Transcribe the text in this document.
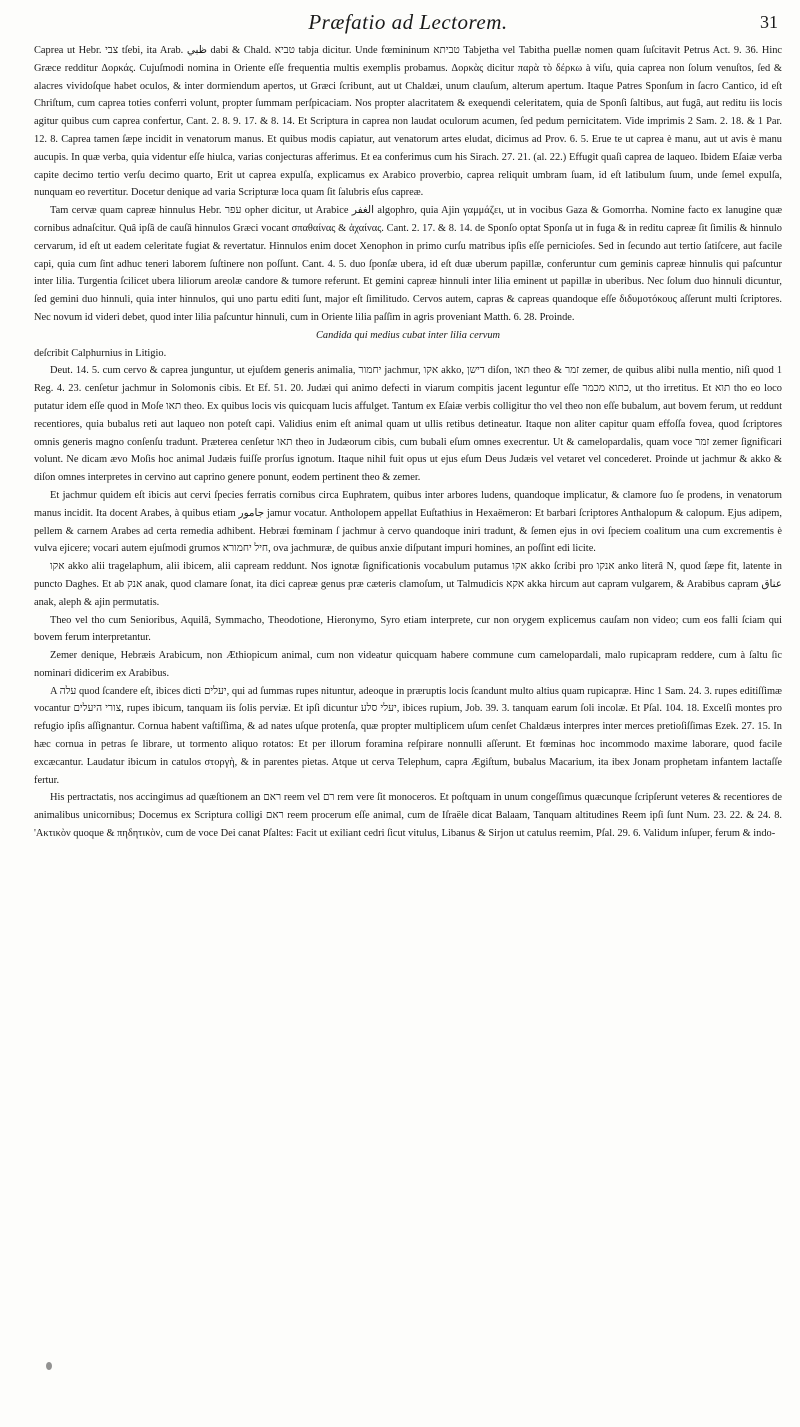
Præfatio ad Lectorem.	31

Caprea ut Hebr. צבי tſebi, ita Arab. ظبي dabi & Chald. טביא tabja dicitur. Unde fœmininum טביתא Tabjetha vel Tabitha puellæ nomen quam ſuſcitavit Petrus Act. 9. 36. Hinc Græce redditur Δορκάς. Cujuſmodi nomina in Oriente eſſe frequentia multis exemplis probamus. Δορκὰς dicitur παρὰ τὸ δέρκω à viſu, quia caprea non ſolum venuſtos, ſed & alacres vividoſque habet oculos, & inter dormiendum apertos, ut Græci ſcribunt, aut ut Chaldæi, unum clauſum, alterum apertum. Itaque Patres Sponſum in ſacro Cantico, id eſt Chriſtum, cum caprea toties conferri volunt, propter ſummam perſpicaciam. Nos propter alacritatem & exequendi celeritatem, quia de Sponſi ſaltibus, aut fugâ, aut reditu iis locis agitur quibus cum caprea confertur, Cant. 2. 8. 9. 17. & 8. 14. Et Scriptura in caprea non laudat oculorum acumen, ſed pedum pernicitatem. Vide imprimis 2 Sam. 2. 18. & 1 Par. 12. 8. Caprea tamen ſæpe incidit in venatorum manus. Et quibus modis capiatur, aut venatorum artes eludat, dicimus ad Prov. 6. 5. Erue te ut caprea è manu, aut ut avis è manu aucupis. In quæ verba, quia videntur eſſe hiulca, varias conjecturas afferimus. Et ea conferimus cum his Sirach. 27. 21. (al. 22.) Effugit quaſi caprea de laqueo. Ibidem Eſaiæ verba capite decimo tertio verſu decimo quarto, Erit ut caprea expulſa, explicamus ex Arabico proverbio, caprea reliquit umbram ſuam, id eſt latibulum ſuum, unde ſemel expulſa, nunquam eo revertitur. Docetur denique ad varia Scripturæ loca quam ſit ſalubris eſus capreæ.

Tam cervæ quam capreæ hinnulus Hebr. עפר opher dicitur, ut Arabice الغفر algophro, quia Ajin γαμμάζει, ut in vocibus Gaza & Gomorrha. Nomine facto ex lanugine quæ cornibus adnaſcitur. Quâ ipſâ de cauſâ hinnulos Græci vocant σπαθαίνας & ἀχαίνας. Cant. 2. 17. & 8. 14. de Sponſo optat Sponſa ut in fuga & in reditu capreæ ſit ſimilis & hinnulo cervarum, id eſt ut eadem celeritate fugiat & revertatur. Hinnulos enim docet Xenophon in primo curſu matribus ipſis eſſe pernicioſes. Sed in ſecundo aut tertio ſatiſcere, aut facile capi, quia cum ſint adhuc teneri laborem ſuſtinere non poſſunt. Cant. 4. 5. duo ſponſæ ubera, id eſt duæ uberum papillæ, conferuntur cum geminis capreæ hinnulis qui paſcuntur inter lilia. Turgentia ſcilicet ubera liliorum areolæ candore & tumore referunt. Et gemini capreæ hinnuli inter lilia eminent ut papillæ in uberibus. Nec ſolum duo hinnuli dicuntur, ſed gemini duo hinnuli, quia inter hinnulos, qui uno partu editi ſunt, major eſt ſimilitudo. Cervos autem, capras & capreas quandoque eſſe διδυμοτόκους aſſerunt multi ſcriptores. Nec novum id videri debet, quod inter lilia paſcuntur hinnuli, cum in Oriente lilia paſſim in agris proveniant Matth. 6. 28. Proinde.

Candida qui medius cubat inter lilia cervum

deſcribit Calphurnius in Litigio.

Deut. 14. 5. cum cervo & caprea junguntur, ut ejuſdem generis animalia, יחמור jachmur, אקו akko, דישן diſon, תאו theo & זמר zemer, de quibus alibi nulla mentio, niſi quod 1 Reg. 4. 23. cenſetur jachmur in Solomonis cibis. Et Ef. 51. 20. Judæi qui animo defecti in viarum compitis jacent leguntur eſſe כתוא מכמר, ut tho irretitus. Et תוא tho eo loco putatur idem eſſe quod in Moſe תאו theo. Ex quibus locis vis quicquam lucis affulget. Tantum ex Eſaiæ verbis colligitur tho vel theo non eſſe bubalum, aut bovem ferum, ut reddunt recentiores, quia bubalus reti aut laqueo non poteſt capi. Validius enim eſt animal quam ut ullis retibus detineatur. Itaque non aliter capitur quam effoſſa fovea, quod ſcriptores omnis generis magno conſenſu tradunt. Præterea cenſetur תאו theo in Judæorum cibis, cum bubali eſum omnes execrentur. Ut & camelopardalis, quam voce זמר zemer ſignificari volunt. Ne dicam ævo Moſis hoc animal Judæis fuiſſe prorſus ignotum. Itaque nihil fuit opus ut ejus eſum Deus Judæis vel vetaret vel concederet. Proinde ut jachmur & akko & diſon omnes interpretes in cervino aut caprino genere ponunt, eodem pertinent theo & zemer.

Et jachmur quidem eſt ibicis aut cervi ſpecies ferratis cornibus circa Euphratem, quibus inter arbores ludens, quandoque implicatur, & clamore ſuo ſe prodens, in venatorum manus incidit. Ita docent Arabes, à quibus etiam جامور jamur vocatur. Antholopem appellat Euſtathius in Hexaëmeron: Et barbari ſcriptores Anthalopum & calopum. Ejus adipem, pellem & carnem Arabes ad certa remedia adhibent. Hebræi fœminam ſ jachmur à cervo quandoque iniri tradunt, & ſemen ejus in ovi ſpeciem coalitum una cum excrementis è vulva ejicere; vocari autem ejuſmodi grumos חיל יחמורא, ova jachmuræ, de quibus anxie diſputant impuri homines, an poſſint edi licite.

אקו akko alii tragelaphum, alii ibicem, alii capream reddunt. Nos ignotæ ſignificationis vocabulum putamus אקו akko ſcribi pro אנקו anko literâ N, quod ſæpe fit, latente in puncto Daghes. Et ab אנק anak, quod clamare ſonat, ita dici capreæ genus præ cæteris clamoſum, ut Talmudicis אקא akka hircum aut capram vulgarem, & Arabibus capram عناق anak, aleph & ajin permutatis.

Theo vel tho cum Senioribus, Aquilâ, Symmacho, Theodotione, Hieronymo, Syro etiam interprete, cur non orygem explicemus cauſam non video; cum eos falli ſciam qui bovem ferum interpretantur.

Zemer denique, Hebræis Arabicum, non Æthiopicum animal, cum non videatur quicquam habere commune cum camelopardali, malo rupicapram reddere, cum à ſaltu ſic nominari didicerim ex Arabibus.

A עלה quod ſcandere eſt, ibices dicti יעלים, qui ad ſummas rupes nituntur, adeoque in præruptis locis ſcandunt multo altius quam rupicapræ. Hinc 1 Sam. 24. 3. rupes editiſſimæ vocantur צורי היעלים, rupes ibicum, tanquam iis ſolis perviæ. Et ipſi dicuntur יעלי סלע, ibices rupium, Job. 39. 3. tanquam earum ſoli incolæ. Et Pſal. 104. 18. Excelſi montes pro refugio ipſis aſſignantur. Cornua habent vaſtiſſima, & ad nates uſque protenſa, quæ propter multiplicem uſum cenſet Chaldæus interpres inter merces pretioſiſſimas Ezek. 27. 15. In hæc cornua in petras ſe librare, ut tormento aliquo rotatos: Et per illorum foramina reſpirare nonnulli aſſerunt. Et fœminas hoc incommodo maxime laborare, quod facile excæcantur. Laudatur ibicum in catulos στοργὴ, & in parentes pietas. Atque ut cerva Telephum, capra Ægiſtum, bubalus Macarium, ita ibex Jonam prophetam infantem lactaſſe fertur.

His pertractatis, nos accingimus ad quæſtionem an ראם reem vel רם rem vere ſit monoceros. Et poſtquam in unum congeſſimus quæcunque ſcripſerunt veteres & recentiores de animalibus unicornibus; Docemus ex Scriptura colligi ראם reem procerum eſſe animal, cum de Iſraële dicat Balaam, Tanquam altitudines Reem ipſi ſunt Num. 23. 22. & 24. 8. 'Ακτικὸν quoque & πηδητικὸν, cum de voce Dei canat Pſaltes: Facit ut exiliant cedri ſicut vitulus, Libanus & Sirjon ut catulus reemim, Pſal. 29. 6. Validum inſuper, ferum & indo-
